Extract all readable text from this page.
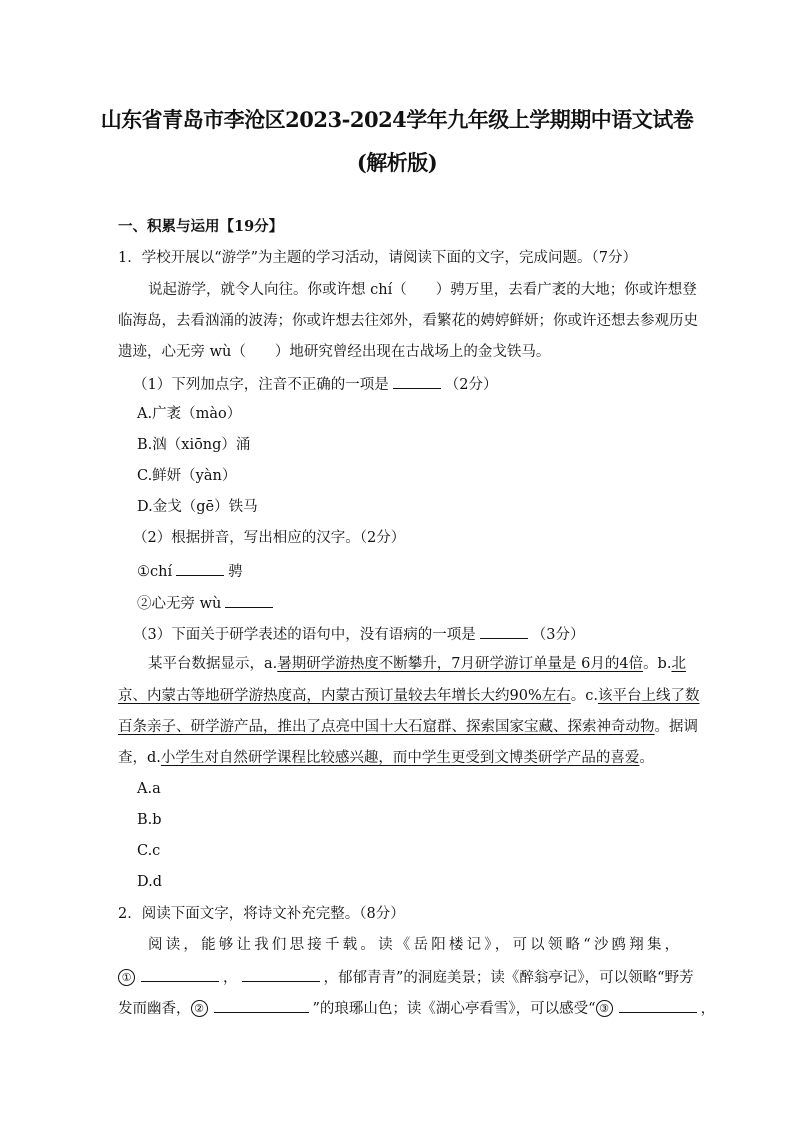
山东省青岛市李沧区2023-2024学年九年级上学期期中语文试卷
(解析版)
一、积累与运用【19分】
1．学校开展以“游学”为主题的学习活动，请阅读下面的文字，完成问题。（7分）
说起游学，就令人向往。你或许想 chí（　　）骋万里，去看广袤的大地；你或许想登
临海岛，去看汹涌的波涛；你或许想去往郊外，看繁花的娉婷鲜妍；你或许还想去参观历史
遗迹，心无旁 wù（　　）地研究曾经出现在古战场上的金戈铁马。
（1）下列加点字，注音不正确的一项是	（2分）
A.广袤（mào）
B.汹（xiōng）涌
C.鲜妍（yàn）
D.金戈（gē）铁马
（2）根据拼音，写出相应的汉字。（2分）
①chí	骋
②心无旁 wù
（3）下面关于研学表述的语句中，没有语病的一项是	（3分）
某平台数据显示，a.暑期研学游热度不断攀升，7月研学游订单量是 6月的4倍。b.北
京、内蒙古等地研学游热度高，内蒙古预订量较去年增长大约90%左右。c.该平台上线了数
百条亲子、研学游产品，推出了点亮中国十大石窟群、探索国家宝藏、探索神奇动物。据调
查，d.小学生对自然研学课程比较感兴趣，而中学生更受到文博类研学产品的喜爱。
A.a
B.b
C.c
D.d
2．阅读下面文字，将诗文补充完整。（8分）
阅读，能够让我们思接千载。读《岳阳楼记》，可以领略“沙鸥翔集，
①	，	，郁郁青青”的洞庭美景；读《醉翁亭记》，可以领略“野芳
发而幽香， ②	”的琅琊山色；读《湖心亭看雪》，可以感受“ ③	，
